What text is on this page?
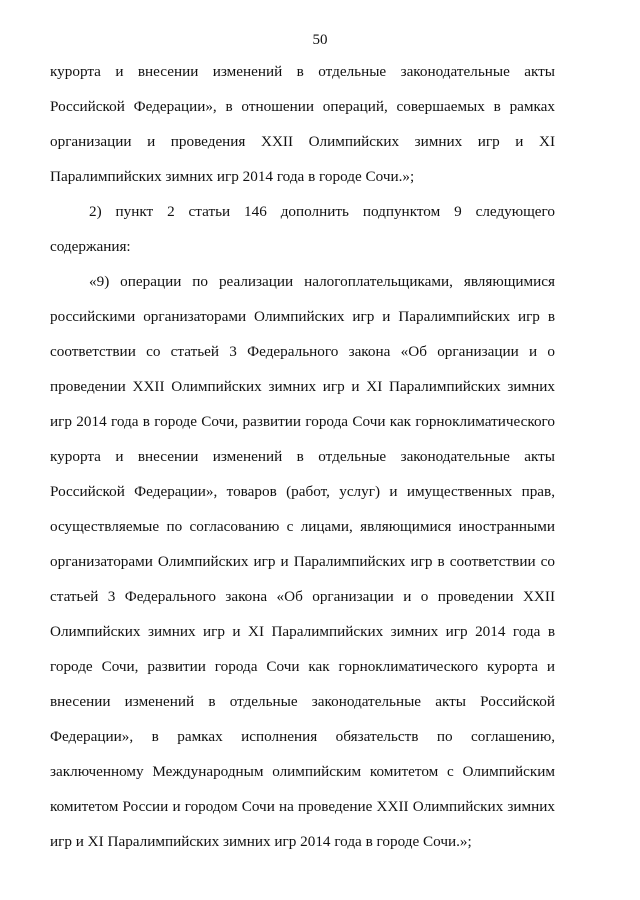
50
курорта и внесении изменений в отдельные законодательные акты
Российской Федерации», в отношении операций, совершаемых в рамках
организации и проведения XXII Олимпийских зимних игр и XI
Паралимпийских зимних игр 2014 года в городе Сочи.»;
2) пункт 2 статьи 146 дополнить подпунктом 9 следующего
содержания:
«9) операции по реализации налогоплательщиками, являющимися
российскими организаторами Олимпийских игр и Паралимпийских игр в
соответствии со статьей 3 Федерального закона «Об организации и о
проведении XXII Олимпийских зимних игр и XI Паралимпийских зимних
игр 2014 года в городе Сочи, развитии города Сочи как горноклиматического
курорта и внесении изменений в отдельные законодательные акты
Российской Федерации», товаров (работ, услуг) и имущественных прав,
осуществляемые по согласованию с лицами, являющимися иностранными
организаторами Олимпийских игр и Паралимпийских игр в соответствии со
статьей 3 Федерального закона «Об организации и о проведении XXII
Олимпийских зимних игр и XI Паралимпийских зимних игр 2014 года в
городе Сочи, развитии города Сочи как горноклиматического курорта и
внесении изменений в отдельные законодательные акты Российской
Федерации», в рамках исполнения обязательств по соглашению,
заключенному Международным олимпийским комитетом с Олимпийским
комитетом России и городом Сочи на проведение XXII Олимпийских зимних
игр и XI Паралимпийских зимних игр 2014 года в городе Сочи.»;
